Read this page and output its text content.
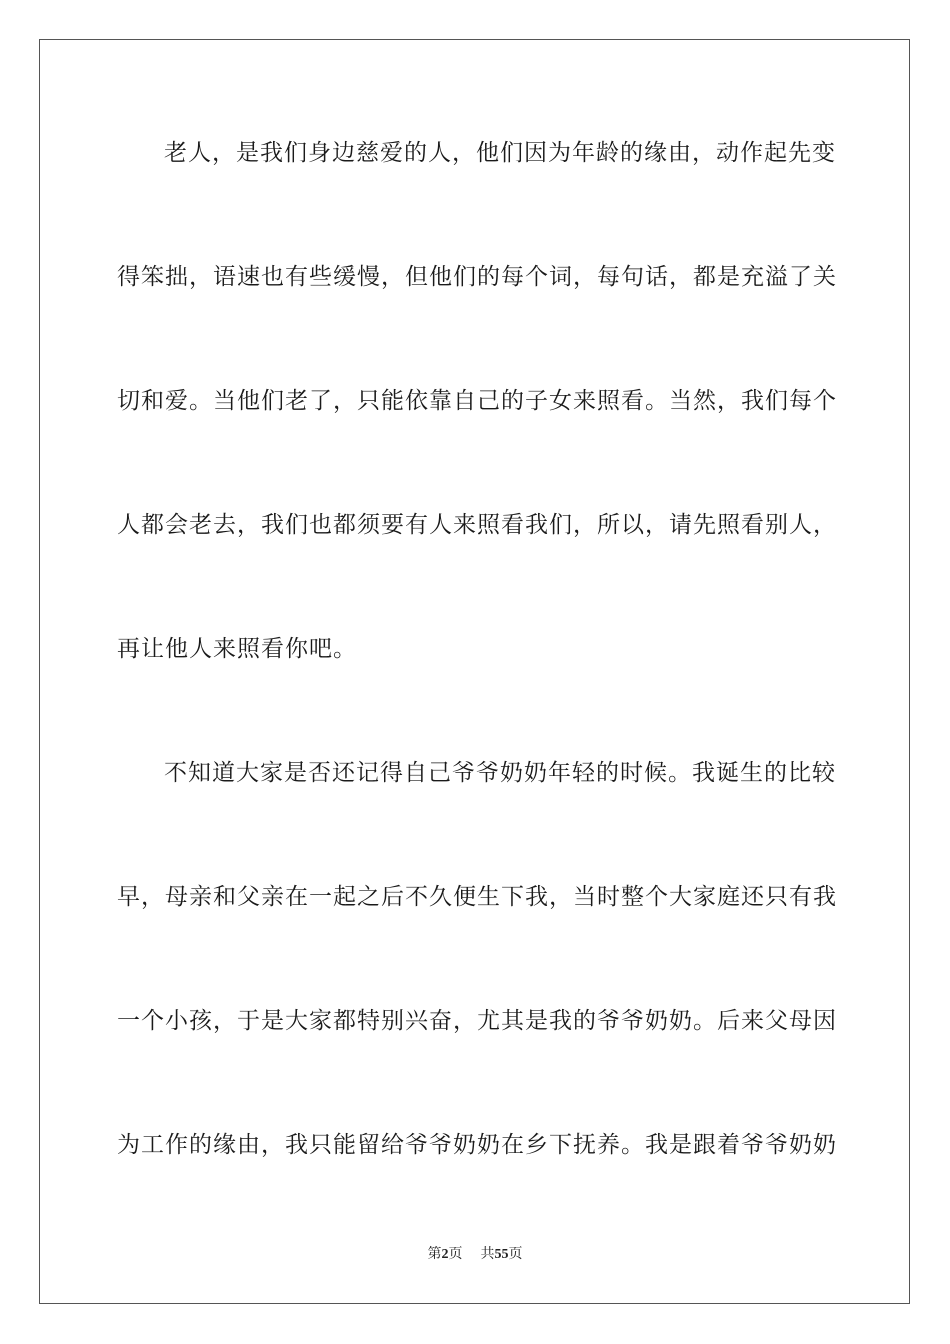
老人，是我们身边慈爱的人，他们因为年龄的缘由，动作起先变
得笨拙，语速也有些缓慢，但他们的每个词，每句话，都是充溢了关
切和爱。当他们老了，只能依靠自己的子女来照看。当然，我们每个
人都会老去，我们也都须要有人来照看我们，所以，请先照看别人，
再让他人来照看你吧。
不知道大家是否还记得自己爷爷奶奶年轻的时候。我诞生的比较
早，母亲和父亲在一起之后不久便生下我，当时整个大家庭还只有我
一个小孩，于是大家都特别兴奋，尤其是我的爷爷奶奶。后来父母因
为工作的缘由，我只能留给爷爷奶奶在乡下抚养。我是跟着爷爷奶奶
第2页 共55页
